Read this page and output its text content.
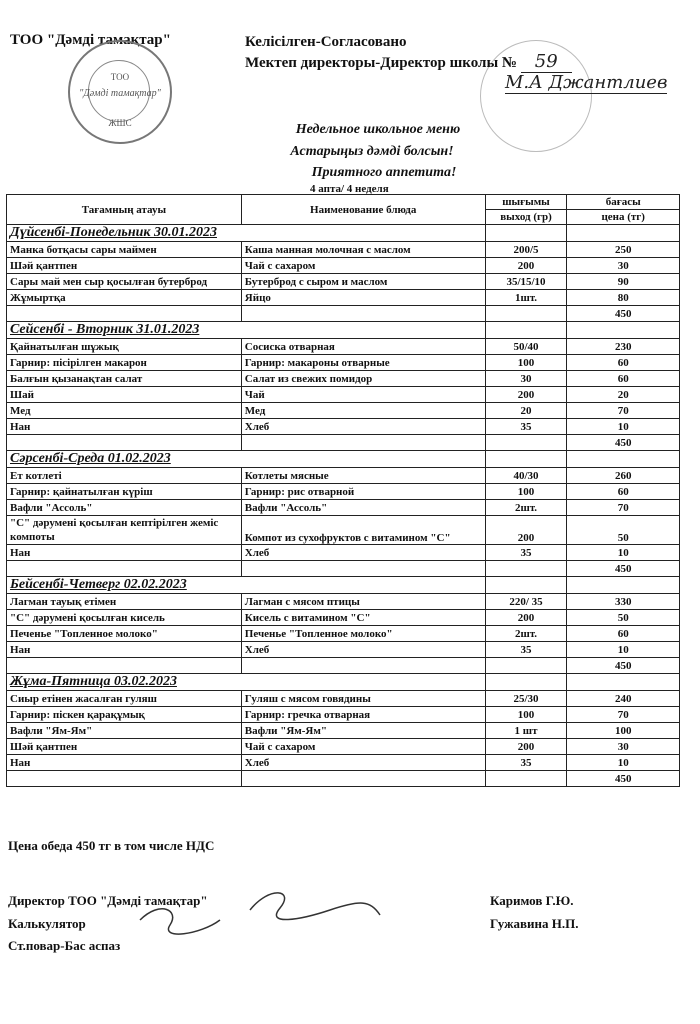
ТОО "Дәмді тамақтар"
ТОО
"Дәмді тамақтар"
ЖШС
Келісілген-Согласовано
Мектеп директоры-Директор школы № 59
М.А Джантлиев
Недельное школьное меню
Астарыңыз дәмді болсын!
Приятного аппетита!
4 апта/ 4 неделя
Тағамның атауы	Наименование блюда	шығымы	бағасы
		выход (гр)	цена (тг)
Дүйсенбі-Понедельник 30.01.2023			
Манка ботқасы сары маймен	Каша манная молочная с маслом	200/5	250
Шәй қантпен	Чай с сахаром	200	30
Сары май мен сыр қосылған бутерброд	Бутерброд с сыром и маслом	35/15/10	90
Жұмыртқа	Яйцо	1шт.	80
			450
Сейсенбі - Вторник 31.01.2023			
Қайнатылған шұжық	Сосиска отварная	50/40	230
Гарнир: пісірілген макарон	Гарнир: макароны отварные	100	60
Балғын қызанақтан салат	Салат из свежих помидор	30	60
Шай	Чай	200	20
Мед	Мед	20	70
Нан	Хлеб	35	10
			450
Сәрсенбі-Среда 01.02.2023			
Ет котлеті	Котлеты мясные	40/30	260
Гарнир: қайнатылған күріш	Гарнир: рис отварной	100	60
Вафли "Ассоль"	Вафли "Ассоль"	2шт.	70
"С" дәрумені қосылған кептірілген жеміс компоты	Компот из сухофруктов с витамином "С"	200	50
Нан	Хлеб	35	10
			450
Бейсенбі-Четверг 02.02.2023			
Лагман тауық етімен	Лагман с мясом птицы	220/ 35	330
"С" дәрумені қосылған кисель	Кисель с витамином "С"	200	50
Печенье "Топленное молоко"	Печенье "Топленное молоко"	2шт.	60
Нан	Хлеб	35	10
			450
Жұма-Пятница 03.02.2023			
Сиыр етінен жасалған гуляш	Гуляш с мясом говядины	25/30	240
Гарнир: піскен қарақұмық	Гарнир: гречка отварная	100	70
Вафли "Ям-Ям"	Вафли "Ям-Ям"	1 шт	100
Шәй қантпен	Чай с сахаром	200	30
Нан	Хлеб	35	10
			450
Цена обеда 450 тг в том числе НДС
Директор ТОО "Дәмді тамақтар"	Каримов Г.Ю.
Калькулятор	Гужавина Н.П.
Ст.повар-Бас аспаз
